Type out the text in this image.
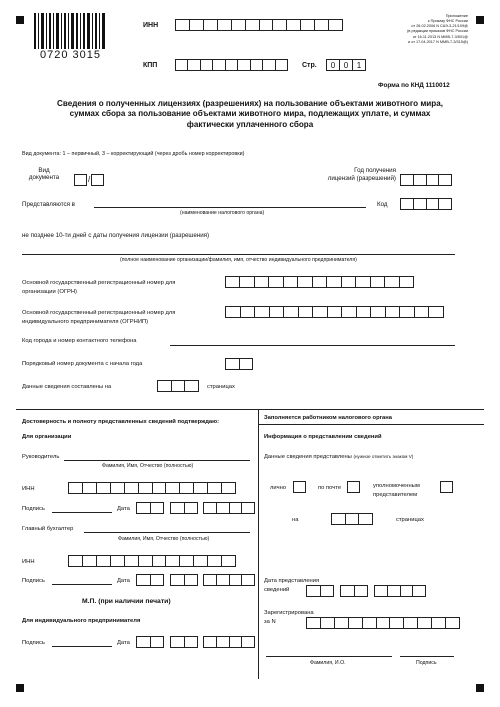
0720 3015
ИНН
КПП	Стр.	0	0	1
Приложение
к Приказу ФНС России
от 26.02.2006 N САЭ-3-21/109@
(в редакции приказов ФНС России
от 16.11.2013 N ММВ-7-3/501@
и от 17.04.2017 N ММВ-7-3/315@)
Форма по КНД 1110012
Сведения о полученных лицензиях (разрешениях) на пользование объектами животного мира,
суммах сбора за пользование объектами животного мира, подлежащих уплате, и суммах
фактически уплаченного сбора
Вид документа: 1 – первичный, 3 – корректирующий (через дробь номер корректировки)
Вид
документа	/
Год получения
лицензий (разрешений)
Представляются в
(наименование налогового органа)
Код
не позднее 10-ти дней с даты получения лицензии (разрешения)
(полное наименование организации/фамилия, имя, отчество индивидуального предпринимателя)
Основной государственный регистрационный номер для
организации (ОГРН)
Основной государственный регистрационный номер для
индивидуального предпринимателя (ОГРНИП)
Код города и номер контактного телефона
Порядковый номер документа с начала года
Данные сведения составлены на	страницах
Достоверность и полноту представленных сведений подтверждаю:
Для организации
Руководитель
Фамилия, Имя, Отчество (полностью)
ИНН
Подпись	Дата
Главный бухгалтер
Фамилия, Имя, Отчество (полностью)
ИНН
Подпись	Дата
М.П. (при наличии печати)
Для индивидуального предпринимателя
Подпись	Дата
Заполняется работником налогового органа
Информация о представлении сведений
Данные сведения представлены (нужное отметить знаком V)
лично	по почте	уполномоченным
представителем
на	страницах
Дата представления
сведений
Зарегистрирована
за N
Фамилия, И.О.	Подпись
